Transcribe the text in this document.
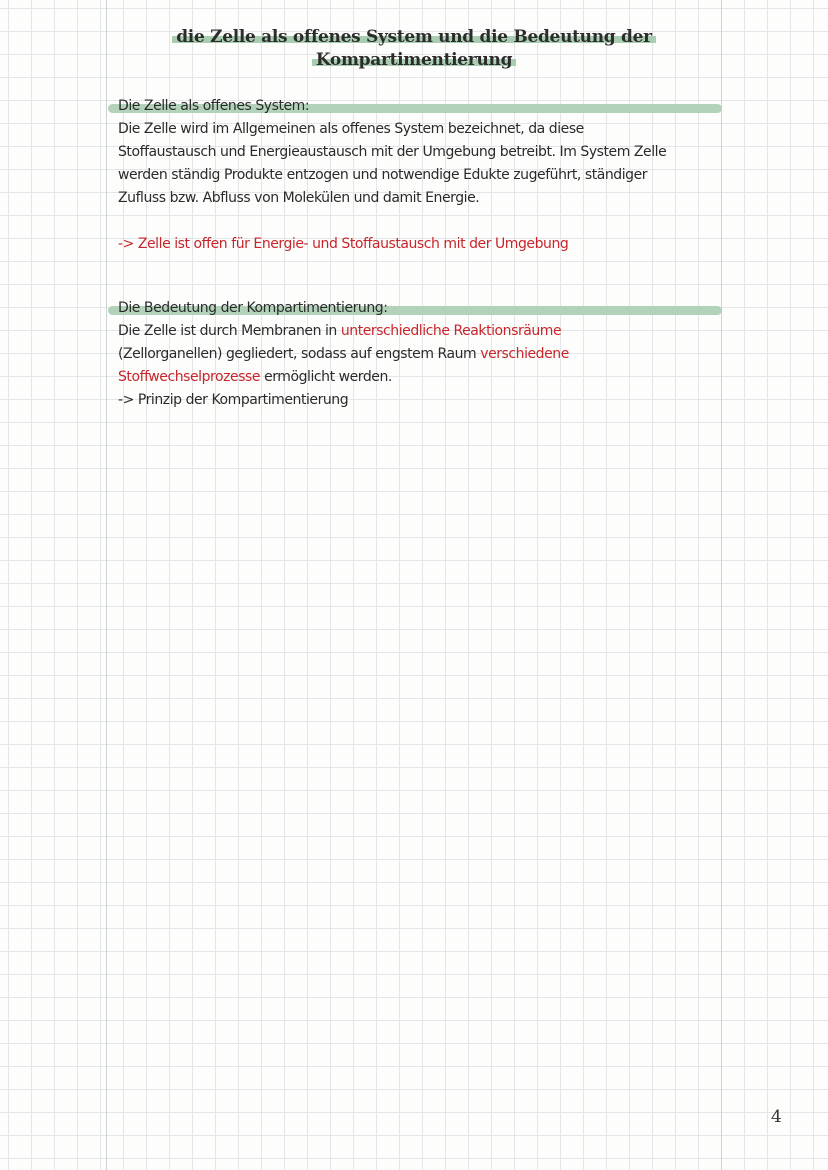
die Zelle als offenes System und die Bedeutung der
Kompartimentierung
Die Zelle als offenes System:

Die Zelle wird im Allgemeinen als offenes System bezeichnet, da diese

Stoffaustausch und Energieaustausch mit der Umgebung betreibt. Im System Zelle

werden ständig Produkte entzogen und notwendige Edukte zugeführt, ständiger

Zufluss bzw. Abfluss von Molekülen und damit Energie.

-> Zelle ist offen für Energie- und Stoffaustausch mit der Umgebung

Die Bedeutung der Kompartimentierung:

Die Zelle ist durch Membranen in unterschiedliche Reaktionsräume

(Zellorganellen) gegliedert, sodass auf engstem Raum verschiedene

Stoffwechselprozesse ermöglicht werden.

-> Prinzip der Kompartimentierung

4
